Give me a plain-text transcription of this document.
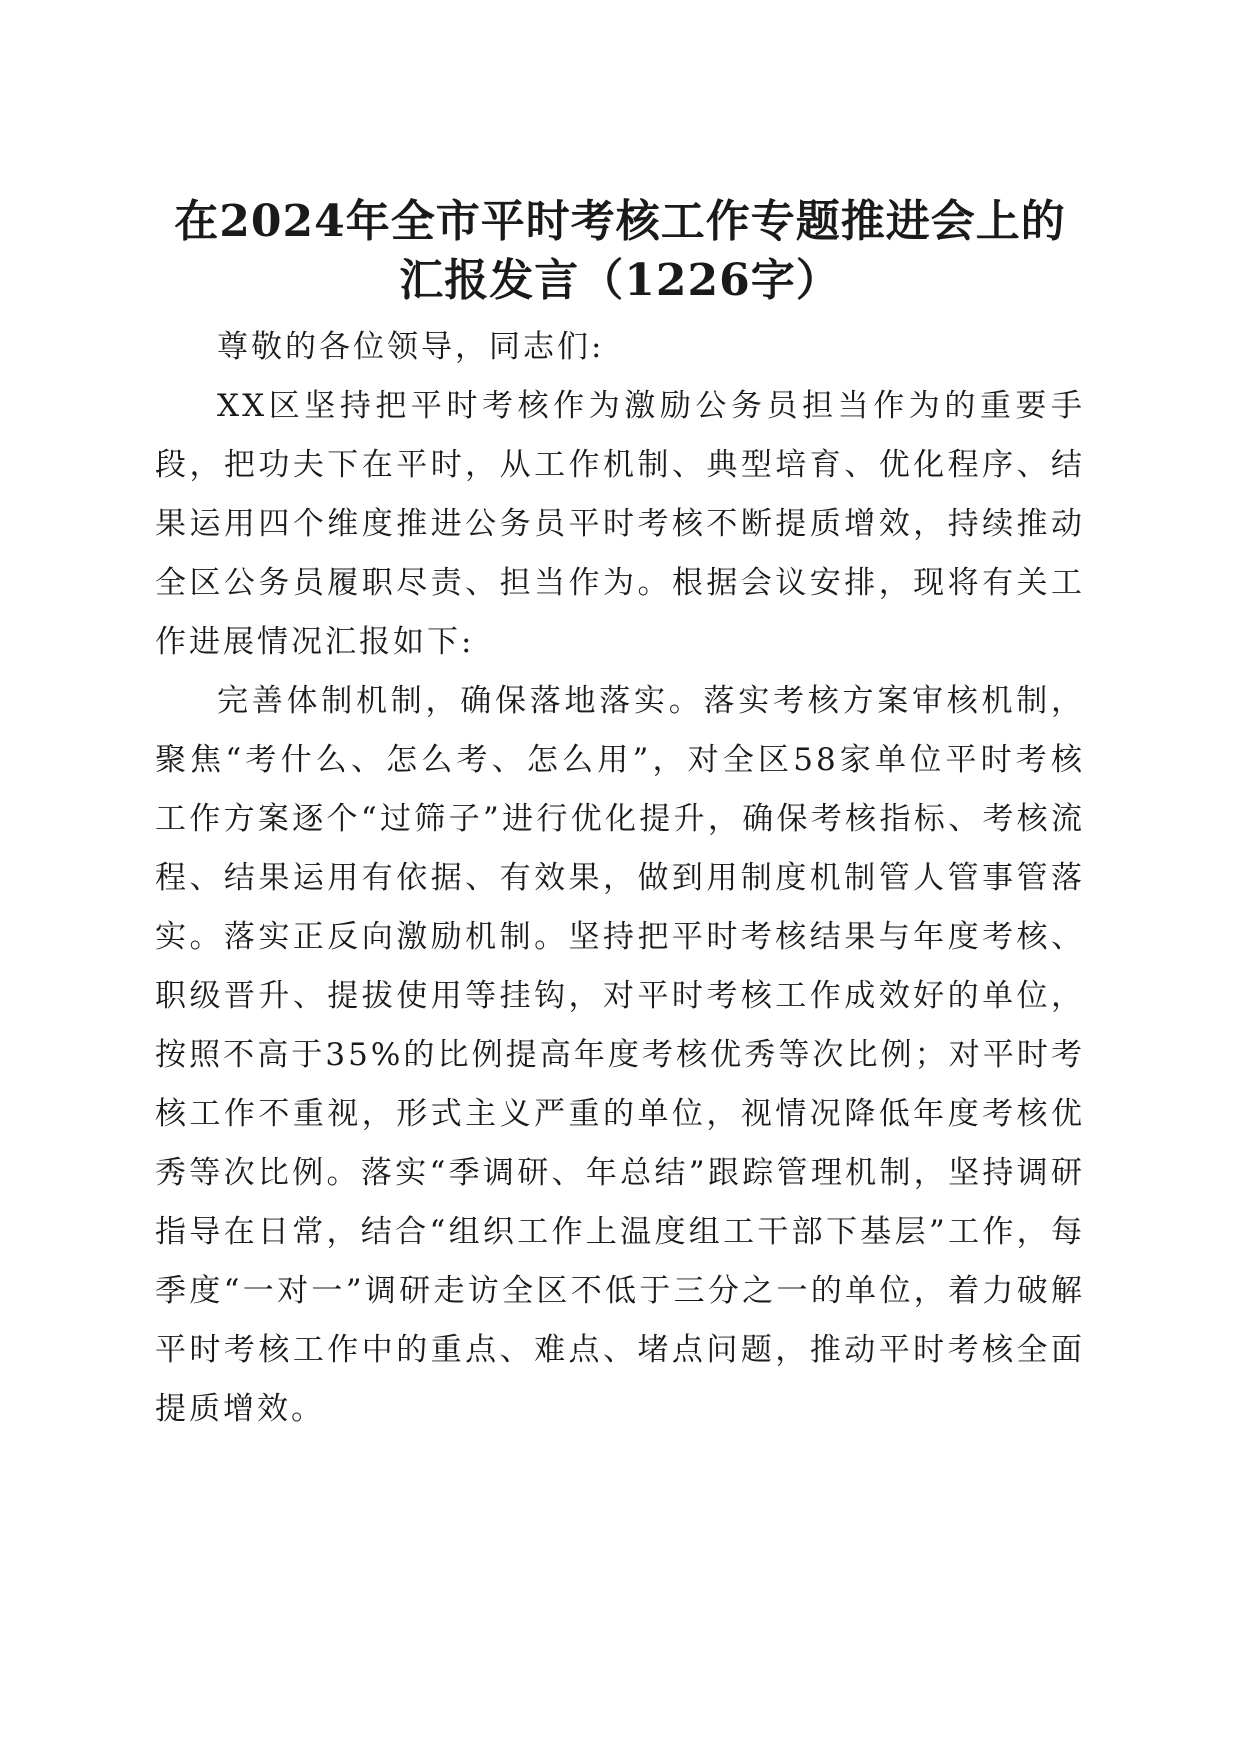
在2024年全市平时考核工作专题推进会上的
汇报发言（1226字）

尊敬的各位领导，同志们:

XX区坚持把平时考核作为激励公务员担当作为的重要手段，把功夫下在平时，从工作机制、典型培育、优化程序、结果运用四个维度推进公务员平时考核不断提质增效，持续推动全区公务员履职尽责、担当作为。根据会议安排，现将有关工作进展情况汇报如下:

完善体制机制，确保落地落实。落实考核方案审核机制，聚焦“考什么、怎么考、怎么用”，对全区58家单位平时考核工作方案逐个“过筛子”进行优化提升，确保考核指标、考核流程、结果运用有依据、有效果，做到用制度机制管人管事管落实。落实正反向激励机制。坚持把平时考核结果与年度考核、职级晋升、提拔使用等挂钩，对平时考核工作成效好的单位，按照不高于35%的比例提高年度考核优秀等次比例；对平时考核工作不重视，形式主义严重的单位，视情况降低年度考核优秀等次比例。落实“季调研、年总结”跟踪管理机制，坚持调研指导在日常，结合“组织工作上温度组工干部下基层”工作，每季度“一对一”调研走访全区不低于三分之一的单位，着力破解平时考核工作中的重点、难点、堵点问题，推动平时考核全面提质增效。
